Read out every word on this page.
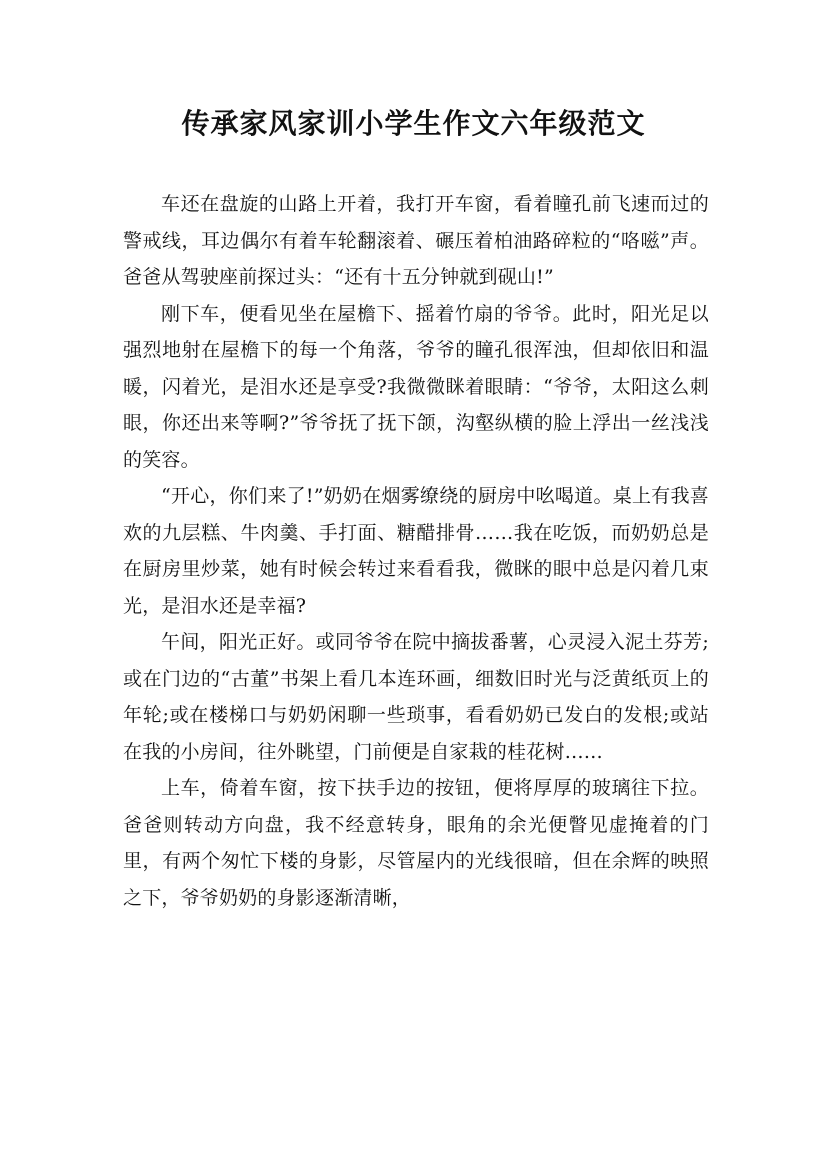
传承家风家训小学生作文六年级范文

车还在盘旋的山路上开着，我打开车窗，看着瞳孔前飞速而过的警戒线，耳边偶尔有着车轮翻滚着、碾压着柏油路碎粒的“咯嗞”声。爸爸从驾驶座前探过头：“还有十五分钟就到砚山!”

刚下车，便看见坐在屋檐下、摇着竹扇的爷爷。此时，阳光足以强烈地射在屋檐下的每一个角落，爷爷的瞳孔很浑浊，但却依旧和温暖，闪着光，是泪水还是享受?我微微眯着眼睛：“爷爷，太阳这么刺眼，你还出来等啊?”爷爷抚了抚下颌，沟壑纵横的脸上浮出一丝浅浅的笑容。

“开心，你们来了!”奶奶在烟雾缭绕的厨房中吆喝道。桌上有我喜欢的九层糕、牛肉羹、手打面、糖醋排骨……我在吃饭，而奶奶总是在厨房里炒菜，她有时候会转过来看看我，微眯的眼中总是闪着几束光，是泪水还是幸福?

午间，阳光正好。或同爷爷在院中摘拔番薯，心灵浸入泥土芬芳;或在门边的“古董”书架上看几本连环画，细数旧时光与泛黄纸页上的年轮;或在楼梯口与奶奶闲聊一些琐事，看看奶奶已发白的发根;或站在我的小房间，往外眺望，门前便是自家栽的桂花树……

上车，倚着车窗，按下扶手边的按钮，便将厚厚的玻璃往下拉。爸爸则转动方向盘，我不经意转身，眼角的余光便瞥见虚掩着的门里，有两个匆忙下楼的身影，尽管屋内的光线很暗，但在余辉的映照之下，爷爷奶奶的身影逐渐清晰，
